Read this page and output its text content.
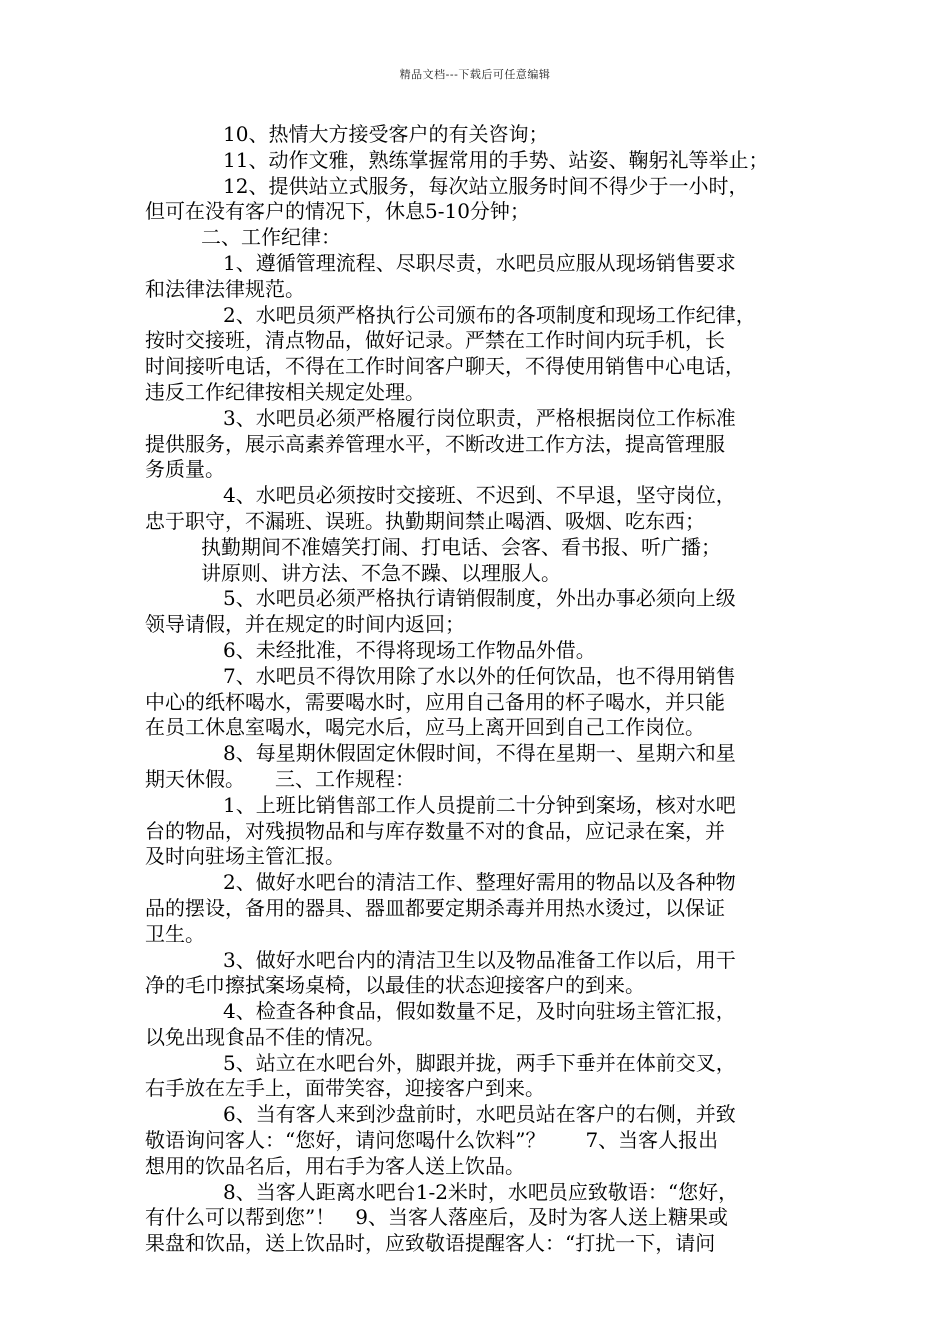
精品文档---下载后可任意编辑
10、热情大方接受客户的有关咨询；
11、动作文雅，熟练掌握常用的手势、站姿、鞠躬礼等举止；
12、提供站立式服务，每次站立服务时间不得少于一小时，
但可在没有客户的情况下，休息5-10分钟；
二、工作纪律：
1、遵循管理流程、尽职尽责，水吧员应服从现场销售要求
和法律法律规范。
2、水吧员须严格执行公司颁布的各项制度和现场工作纪律，
按时交接班，清点物品，做好记录。严禁在工作时间内玩手机，长
时间接听电话，不得在工作时间客户聊天，不得使用销售中心电话，
违反工作纪律按相关规定处理。
3、水吧员必须严格履行岗位职责，严格根据岗位工作标准
提供服务，展示高素养管理水平，不断改进工作方法，提高管理服
务质量。
4、水吧员必须按时交接班、不迟到、不早退，坚守岗位，
忠于职守，不漏班、误班。执勤期间禁止喝酒、吸烟、吃东西；
执勤期间不准嬉笑打闹、打电话、会客、看书报、听广播；
讲原则、讲方法、不急不躁、以理服人。
5、水吧员必须严格执行请销假制度，外出办事必须向上级
领导请假，并在规定的时间内返回；
6、未经批准，不得将现场工作物品外借。
7、水吧员不得饮用除了水以外的任何饮品，也不得用销售
中心的纸杯喝水，需要喝水时，应用自己备用的杯子喝水，并只能
在员工休息室喝水，喝完水后，应马上离开回到自己工作岗位。
8、每星期休假固定休假时间，不得在星期一、星期六和星
期天休假。　　三、工作规程：
1、上班比销售部工作人员提前二十分钟到案场，核对水吧
台的物品，对残损物品和与库存数量不对的食品，应记录在案，并
及时向驻场主管汇报。
2、做好水吧台的清洁工作、整理好需用的物品以及各种物
品的摆设，备用的器具、器皿都要定期杀毒并用热水烫过，以保证
卫生。
3、做好水吧台内的清洁卫生以及物品准备工作以后，用干
净的毛巾擦拭案场桌椅，以最佳的状态迎接客户的到来。
4、检查各种食品，假如数量不足，及时向驻场主管汇报，
以免出现食品不佳的情况。
5、站立在水吧台外，脚跟并拢，两手下垂并在体前交叉，
右手放在左手上，面带笑容，迎接客户到来。
6、当有客人来到沙盘前时，水吧员站在客户的右侧，并致
敬语询问客人：“您好，请问您喝什么饮料”？　　7、当客人报出
想用的饮品名后，用右手为客人送上饮品。
8、当客人距离水吧台1-2米时，水吧员应致敬语：“您好，
有什么可以帮到您”！　9、当客人落座后，及时为客人送上糖果或
果盘和饮品，送上饮品时，应致敬语提醒客人：“打扰一下，请问
